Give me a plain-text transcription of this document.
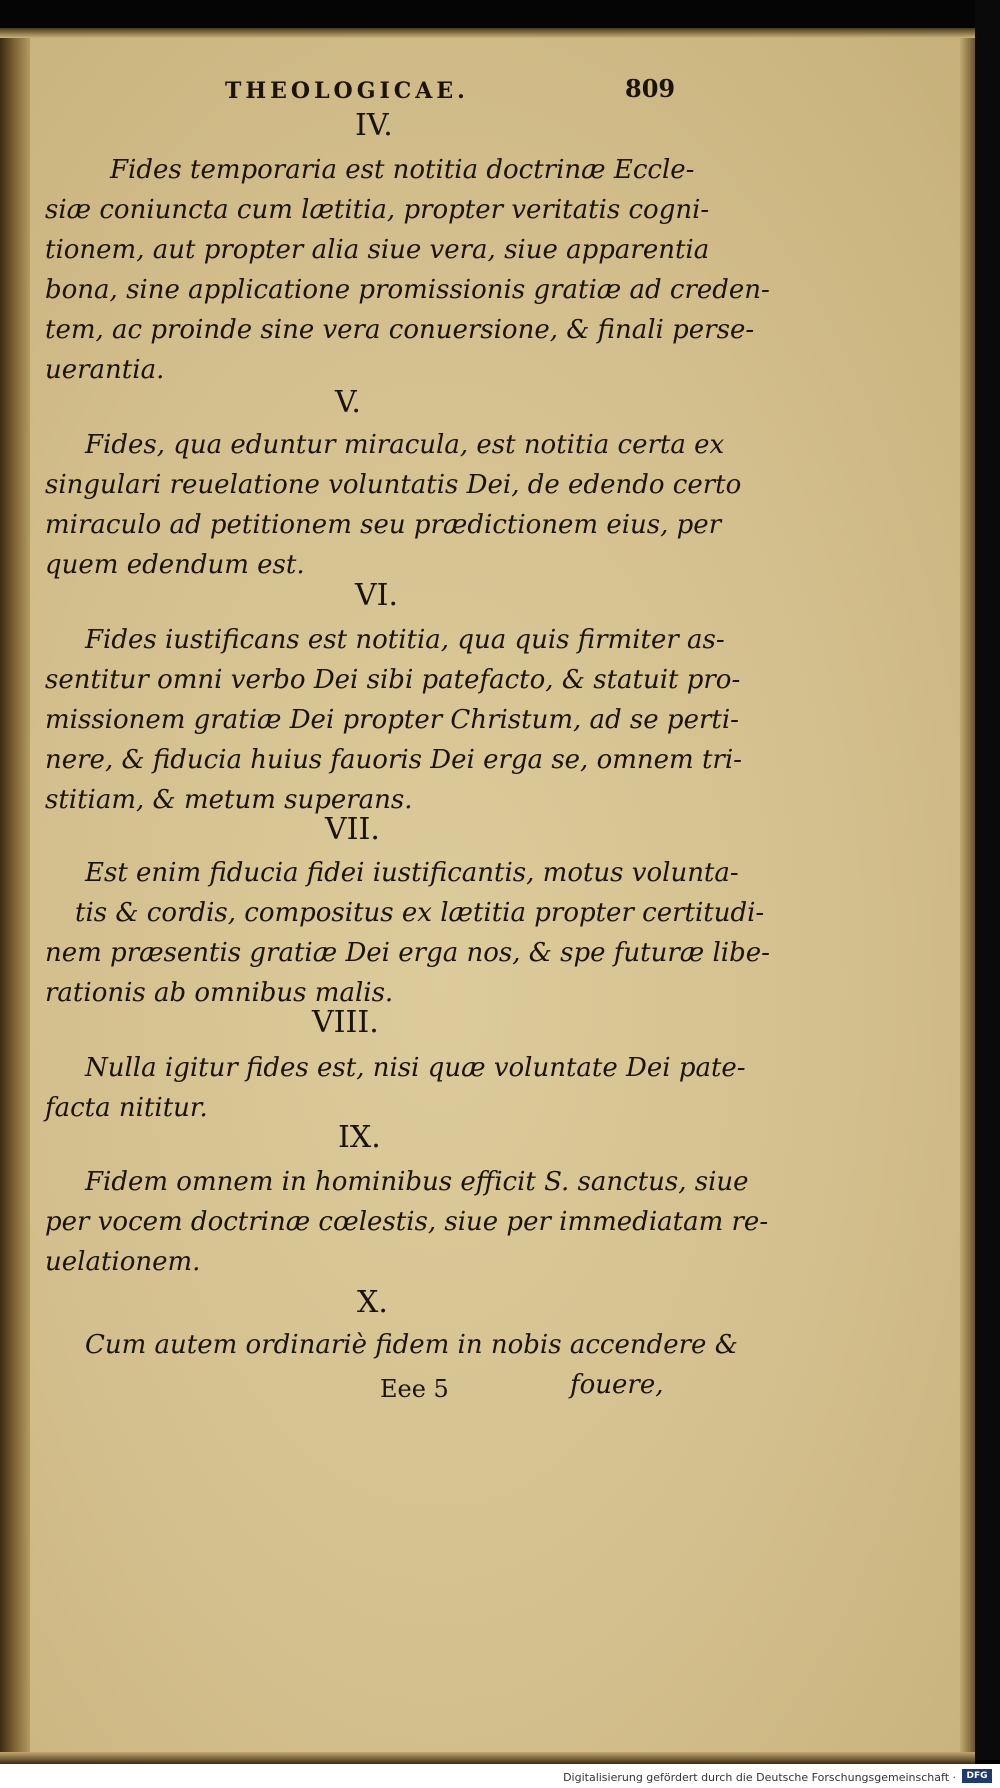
THEOLOGICAE.	809
IV.
Fides temporaria est notitia doctrinæ Eccle-
siæ coniuncta cum lætitia, propter veritatis cogni-
tionem, aut propter alia siue vera, siue apparentia
bona, sine applicatione promissionis gratiæ ad creden-
tem, ac proinde sine vera conuersione, & finali perse-
uerantia.
V.
Fides, qua eduntur miracula, est notitia certa ex
singulari reuelatione voluntatis Dei, de edendo certo
miraculo ad petitionem seu prædictionem eius, per
quem edendum est.
VI.
Fides iustificans est notitia, qua quis firmiter as-
sentitur omni verbo Dei sibi patefacto, & statuit pro-
missionem gratiæ Dei propter Christum, ad se perti-
nere, & fiducia huius fauoris Dei erga se, omnem tri-
stitiam, & metum superans.
VII.
Est enim fiducia fidei iustificantis, motus volunta-
tis & cordis, compositus ex lætitia propter certitudi-
nem præsentis gratiæ Dei erga nos, & spe futuræ libe-
rationis ab omnibus malis.
VIII.
Nulla igitur fides est, nisi quæ voluntate Dei pate-
facta nititur.
IX.
Fidem omnem in hominibus efficit S. sanctus, siue
per vocem doctrinæ cœlestis, siue per immediatam re-
uelationem.
X.
Cum autem ordinariè fidem in nobis accendere &
Eee 5	fouere,
Digitalisierung gefördert durch die Deutsche Forschungsgemeinschaft ·	DFG
